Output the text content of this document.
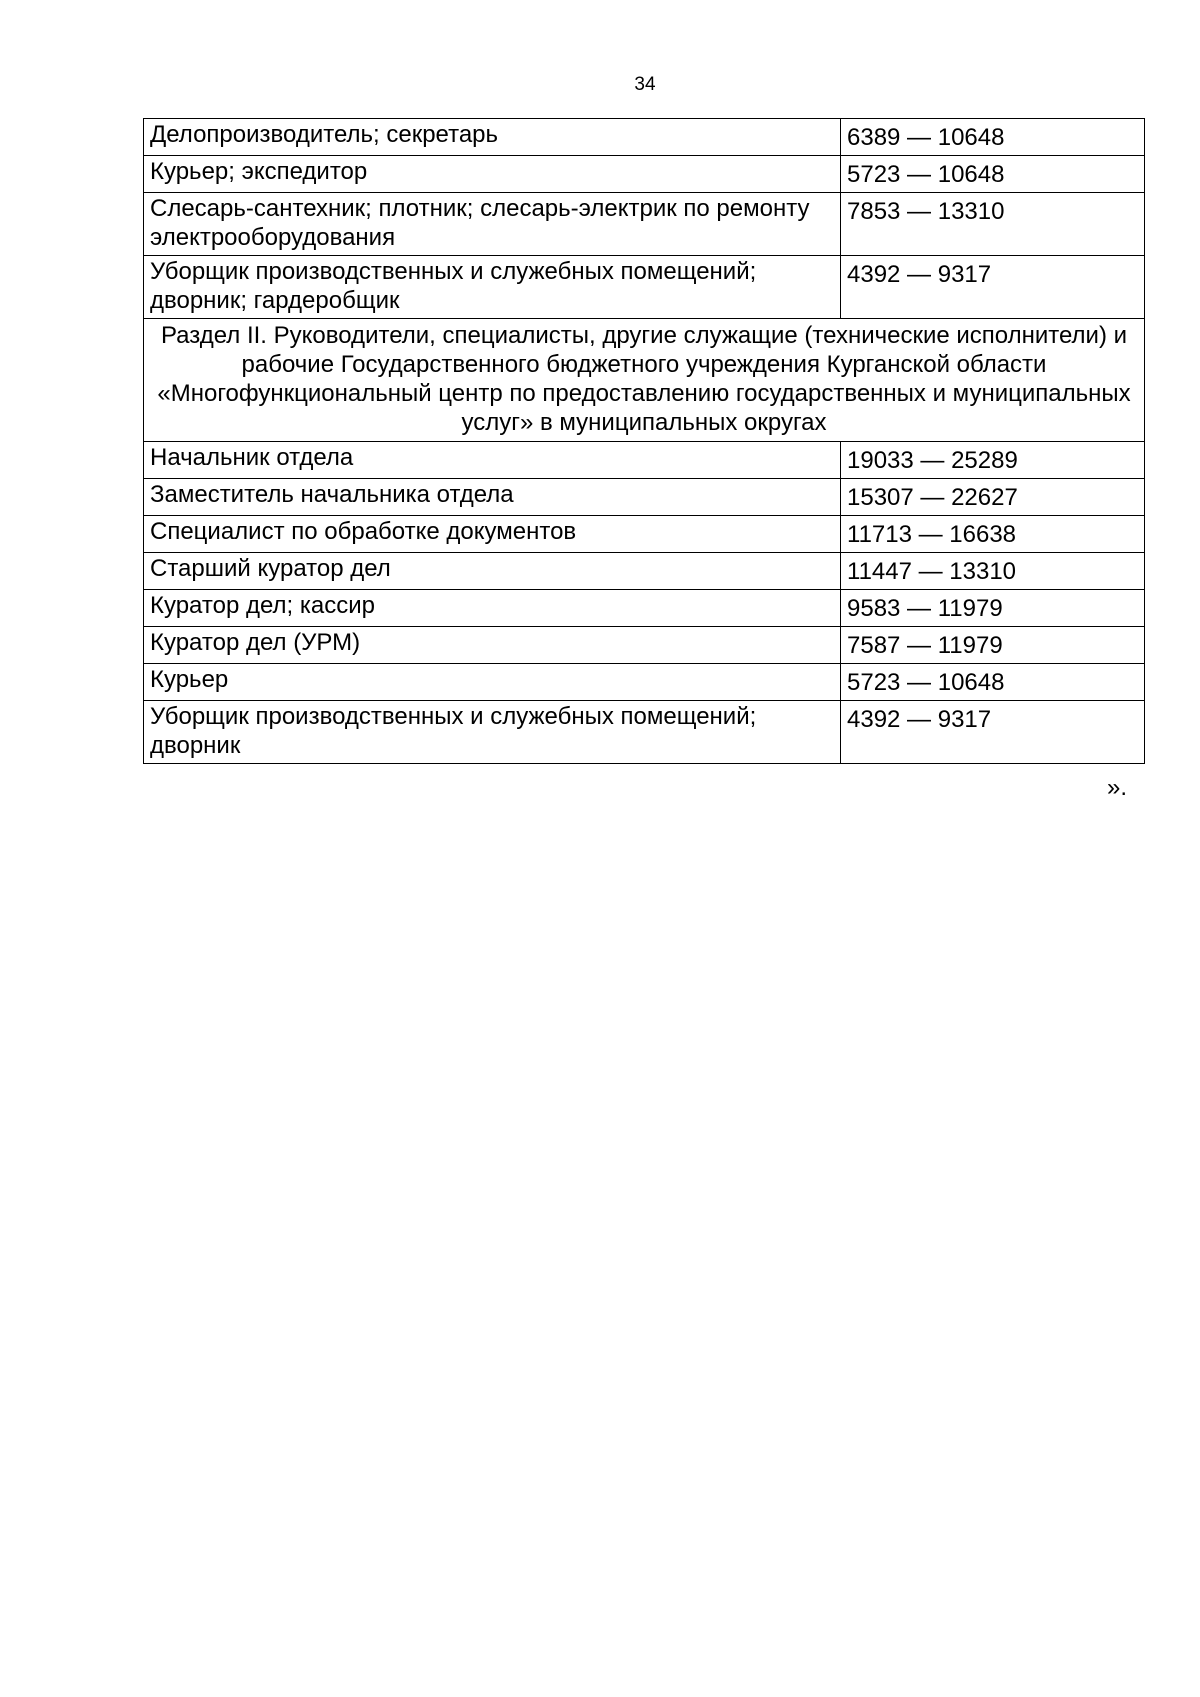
34
Делопроизводитель; секретарь	6389 — 10648
Курьер; экспедитор	5723 — 10648
Слесарь-сантехник; плотник; слесарь-электрик по ремонту электрооборудования	7853 — 13310
Уборщик производственных и служебных помещений; дворник; гардеробщик	4392 — 9317
Раздел II. Руководители, специалисты, другие служащие (технические исполнители) и рабочие Государственного бюджетного учреждения Курганской области «Многофункциональный центр по предоставлению государственных и муниципальных услуг» в муниципальных округах	
Начальник отдела	19033 — 25289
Заместитель начальника отдела	15307 — 22627
Специалист по обработке документов	11713 — 16638
Старший куратор дел	11447 — 13310
Куратор дел; кассир	9583 — 11979
Куратор дел (УРМ)	7587 — 11979
Курьер	5723 — 10648
Уборщик производственных и служебных помещений; дворник	4392 — 9317
».
